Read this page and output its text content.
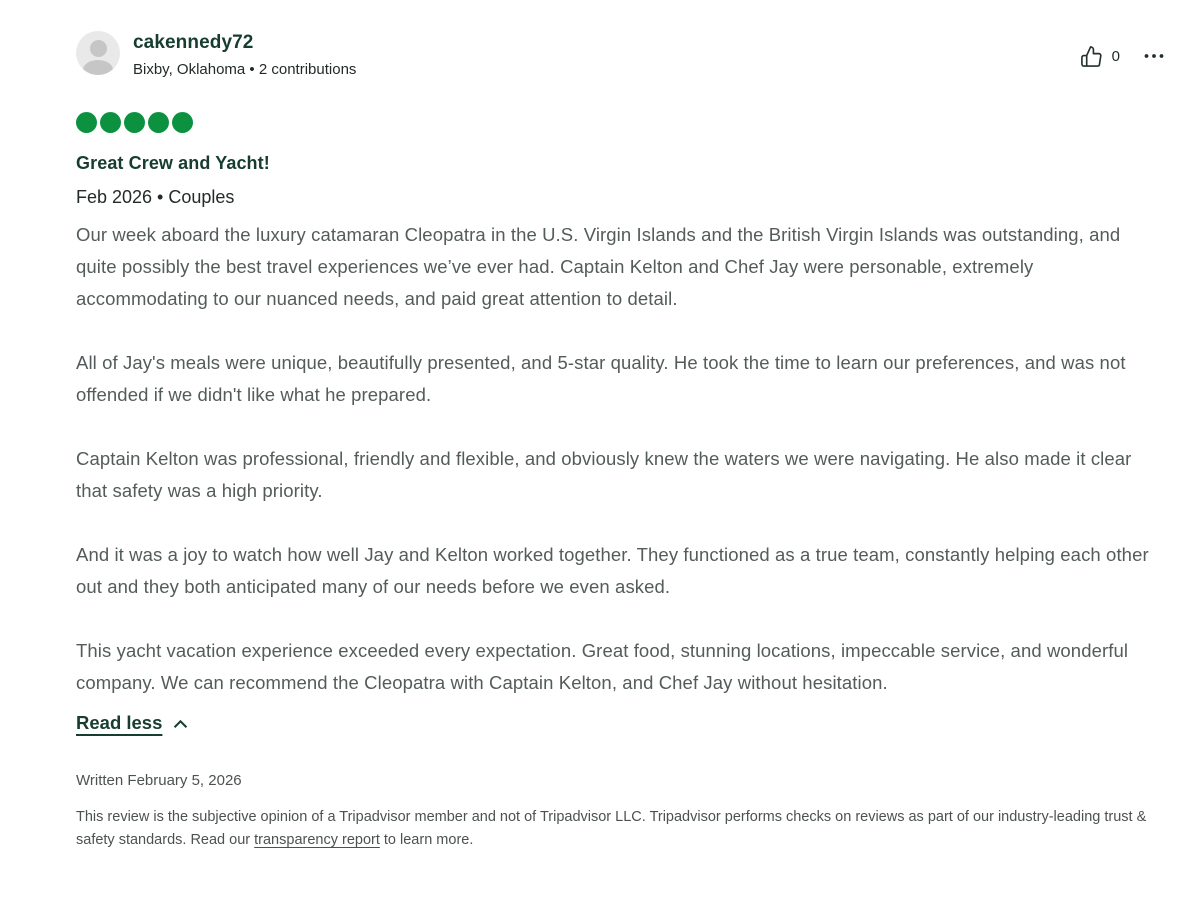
cakennedy72
Bixby, Oklahoma • 2 contributions
0
Great Crew and Yacht!
Feb 2026 • Couples

Our week aboard the luxury catamaran Cleopatra in the U.S. Virgin Islands and the British Virgin Islands was outstanding, and quite possibly the best travel experiences we’ve ever had. Captain Kelton and Chef Jay were personable, extremely accommodating to our nuanced needs, and paid great attention to detail.

All of Jay's meals were unique, beautifully presented, and 5-star quality. He took the time to learn our preferences, and was not offended if we didn't like what he prepared.

Captain Kelton was professional, friendly and flexible, and obviously knew the waters we were navigating. He also made it clear that safety was a high priority.

And it was a joy to watch how well Jay and Kelton worked together. They functioned as a true team, constantly helping each other out and they both anticipated many of our needs before we even asked.

This yacht vacation experience exceeded every expectation. Great food, stunning locations, impeccable service, and wonderful company. We can recommend the Cleopatra with Captain Kelton, and Chef Jay without hesitation.

Read less
Written February 5, 2026

This review is the subjective opinion of a Tripadvisor member and not of Tripadvisor LLC. Tripadvisor performs checks on reviews as part of our industry-leading trust & safety standards. Read our transparency report to learn more.
